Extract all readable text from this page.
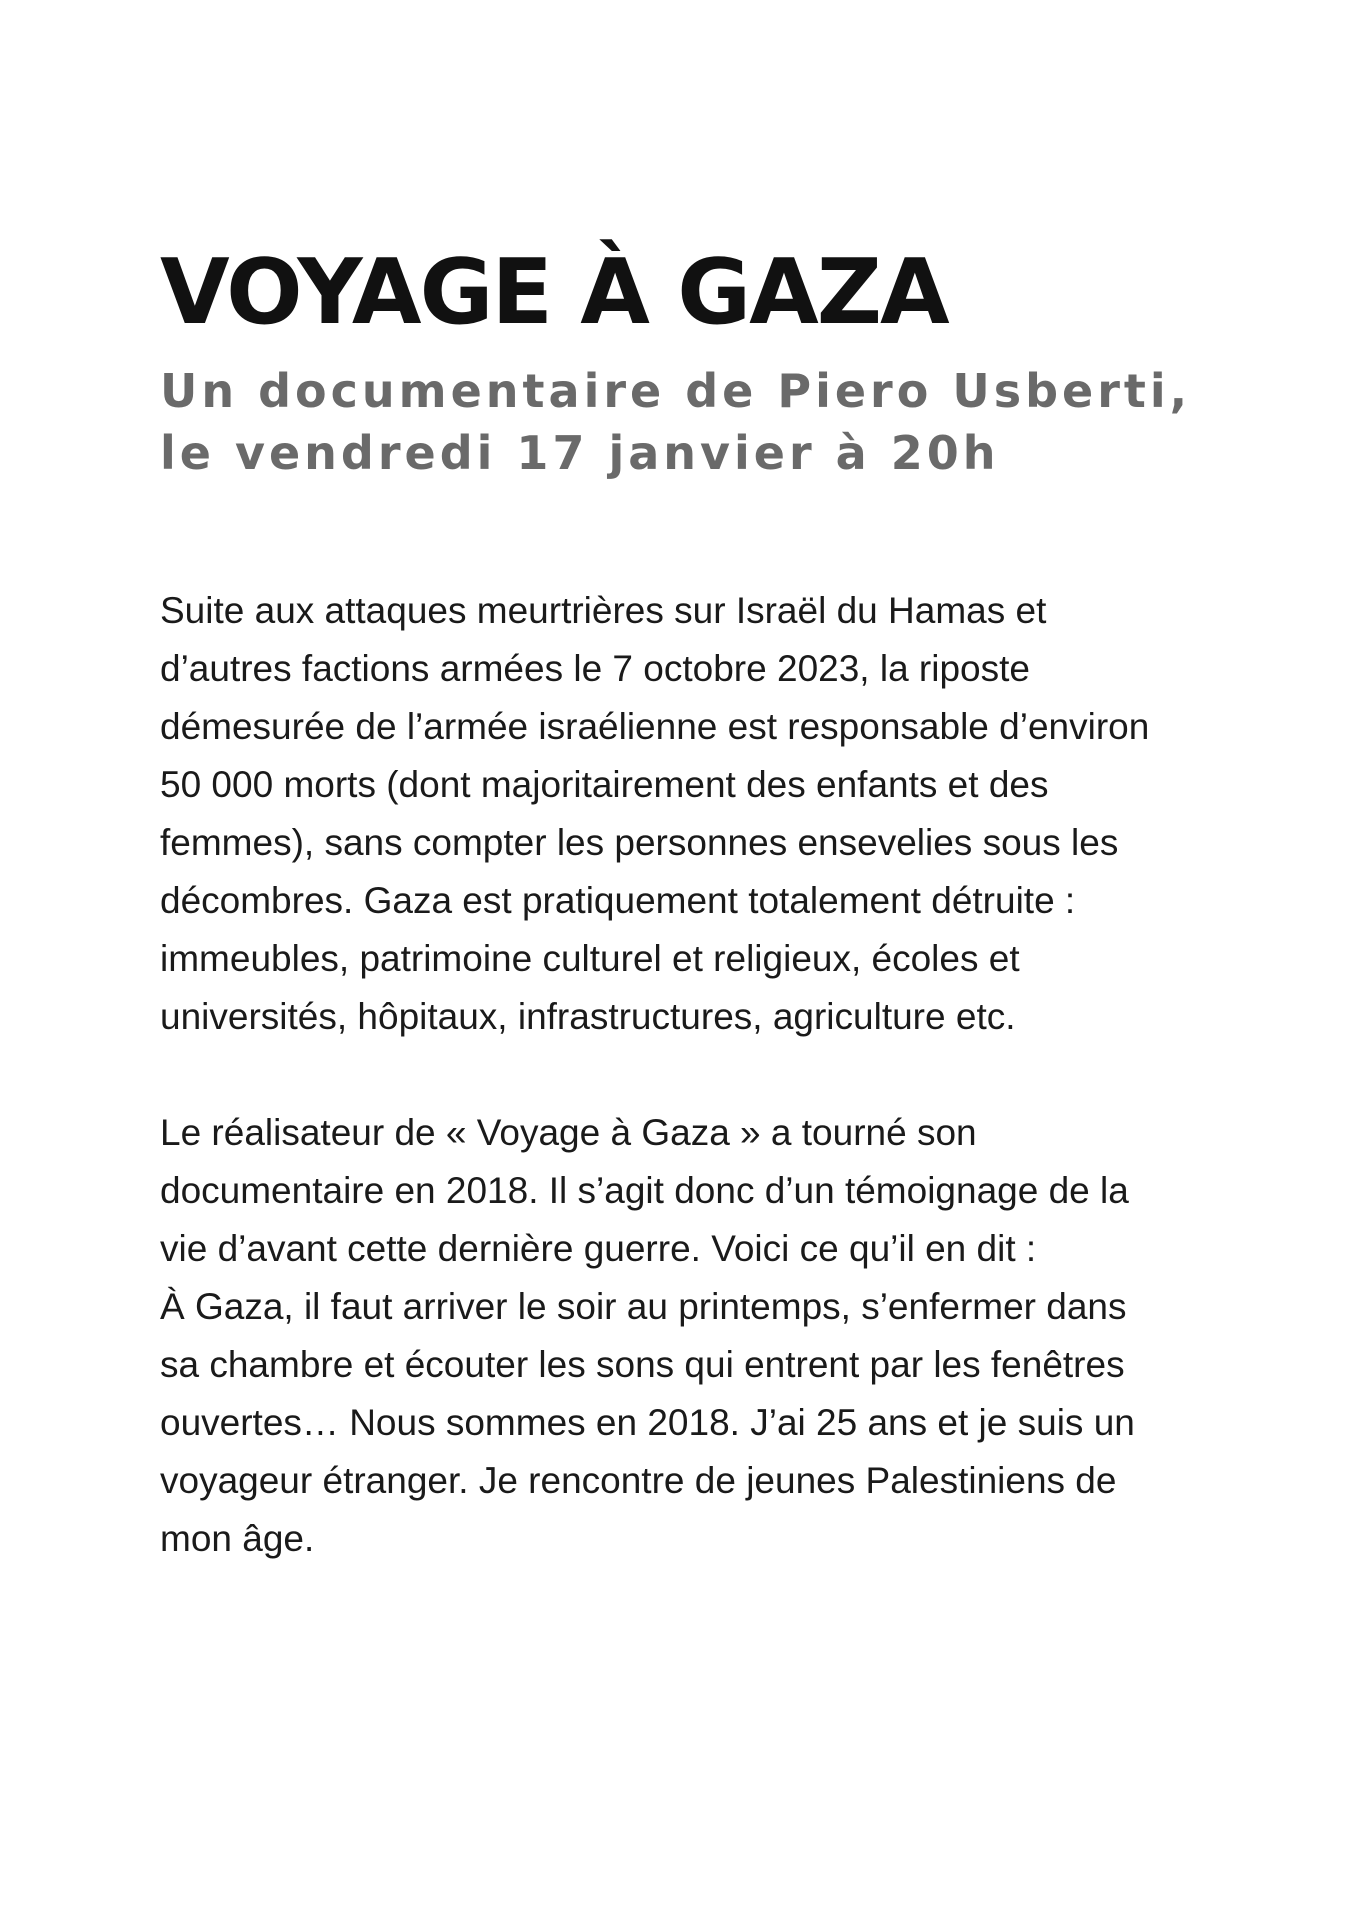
VOYAGE À GAZA
Un documentaire de Piero Usberti,
le vendredi 17 janvier à 20h

Suite aux attaques meurtrières sur Israël du Hamas et
d’autres factions armées le 7 octobre 2023, la riposte
démesurée de l’armée israélienne est responsable d’environ
50 000 morts (dont majoritairement des enfants et des
femmes), sans compter les personnes ensevelies sous les
décombres. Gaza est pratiquement totalement détruite :
immeubles, patrimoine culturel et religieux, écoles et
universités, hôpitaux, infrastructures, agriculture etc.

Le réalisateur de « Voyage à Gaza » a tourné son
documentaire en 2018. Il s’agit donc d’un témoignage de la
vie d’avant cette dernière guerre. Voici ce qu’il en dit :
À Gaza, il faut arriver le soir au printemps, s’enfermer dans
sa chambre et écouter les sons qui entrent par les fenêtres
ouvertes… Nous sommes en 2018. J’ai 25 ans et je suis un
voyageur étranger. Je rencontre de jeunes Palestiniens de
mon âge.
